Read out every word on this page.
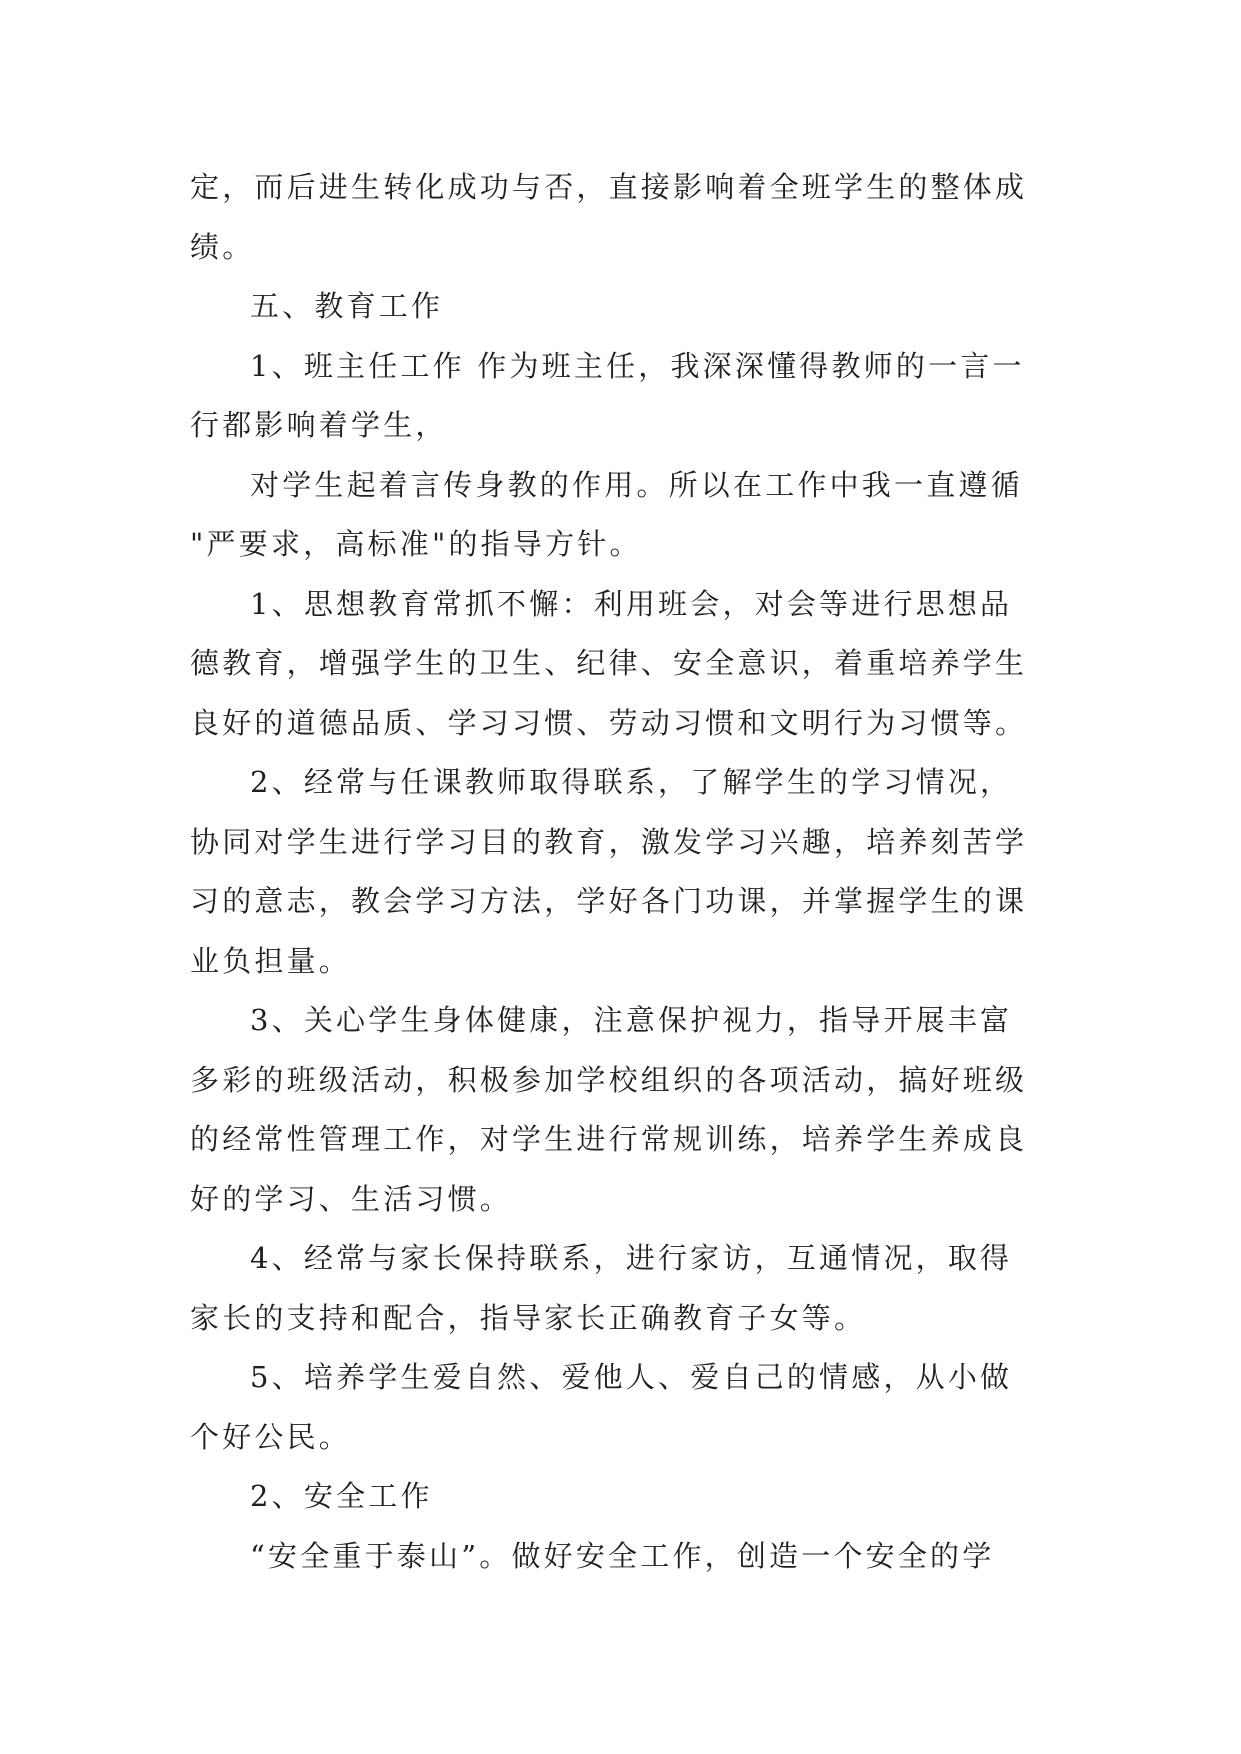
定，而后进生转化成功与否，直接影响着全班学生的整体成
绩。
五、教育工作
1、班主任工作 作为班主任，我深深懂得教师的一言一
行都影响着学生，
对学生起着言传身教的作用。所以在工作中我一直遵循
"严要求，高标准"的指导方针。
1、思想教育常抓不懈：利用班会，对会等进行思想品
德教育，增强学生的卫生、纪律、安全意识，着重培养学生
良好的道德品质、学习习惯、劳动习惯和文明行为习惯等。
2、经常与任课教师取得联系，了解学生的学习情况，
协同对学生进行学习目的教育，激发学习兴趣，培养刻苦学
习的意志，教会学习方法，学好各门功课，并掌握学生的课
业负担量。
3、关心学生身体健康，注意保护视力，指导开展丰富
多彩的班级活动，积极参加学校组织的各项活动，搞好班级
的经常性管理工作，对学生进行常规训练，培养学生养成良
好的学习、生活习惯。
4、经常与家长保持联系，进行家访，互通情况，取得
家长的支持和配合，指导家长正确教育子女等。
5、培养学生爱自然、爱他人、爱自己的情感，从小做
个好公民。
2、安全工作
“安全重于泰山”。做好安全工作，创造一个安全的学
